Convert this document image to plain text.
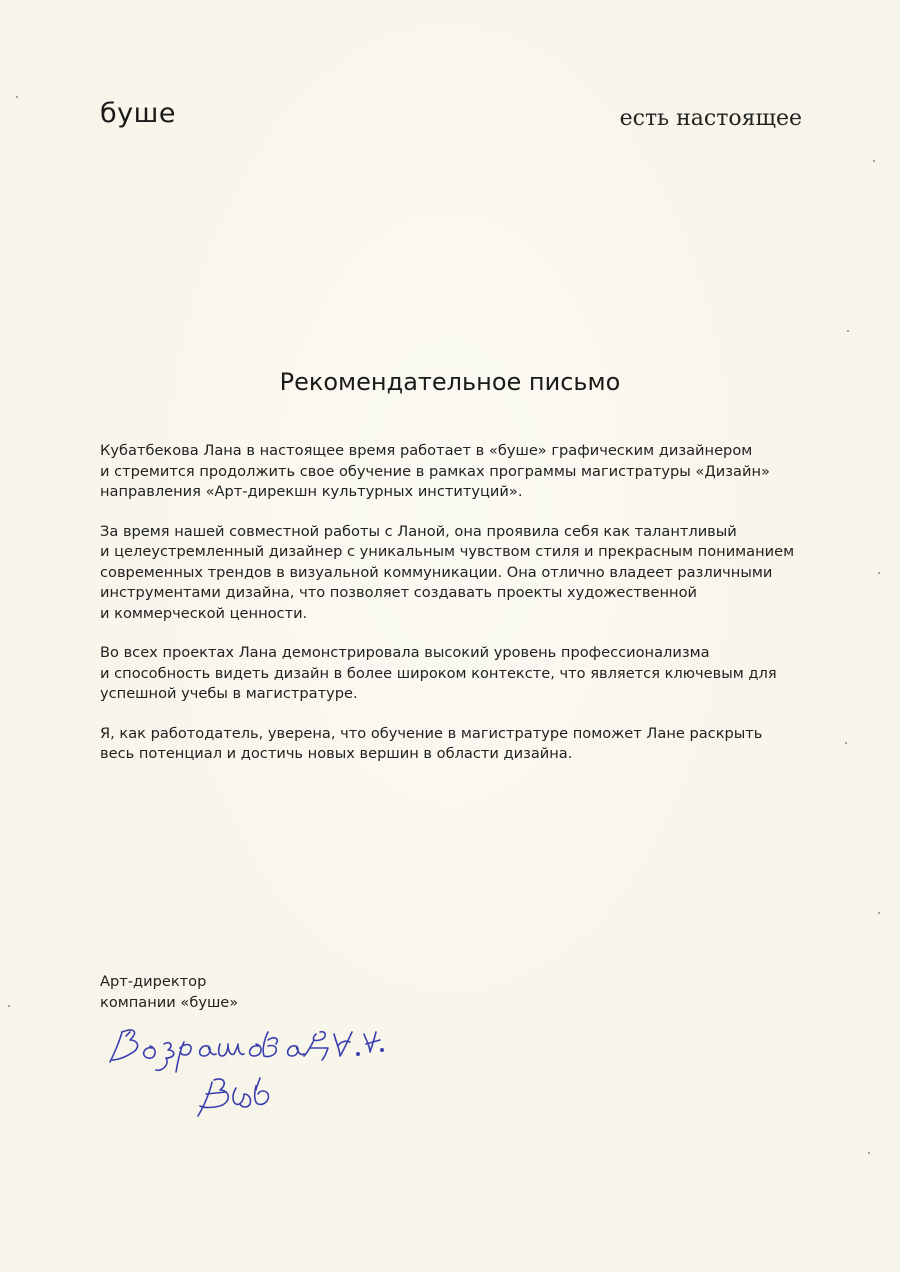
буше	есть настоящее
Рекомендательное письмо

Кубатбекова Лана в настоящее время работает в «буше» графическим дизайнером
и стремится продолжить свое обучение в рамках программы магистратуры «Дизайн»
направления «Арт-дирекшн культурных институций».

За время нашей совместной работы с Ланой, она проявила себя как талантливый
и целеустремленный дизайнер с уникальным чувством стиля и прекрасным пониманием
современных трендов в визуальной коммуникации. Она отлично владеет различными
инструментами дизайна, что позволяет создавать проекты художественной
и коммерческой ценности.

Во всех проектах Лана демонстрировала высокий уровень профессионализма
и способность видеть дизайн в более широком контексте, что является ключевым для
успешной учебы в магистратуре.

Я, как работодатель, уверена, что обучение в магистратуре поможет Лане раскрыть
весь потенциал и достичь новых вершин в области дизайна.

Арт-директор
компании «буше»
